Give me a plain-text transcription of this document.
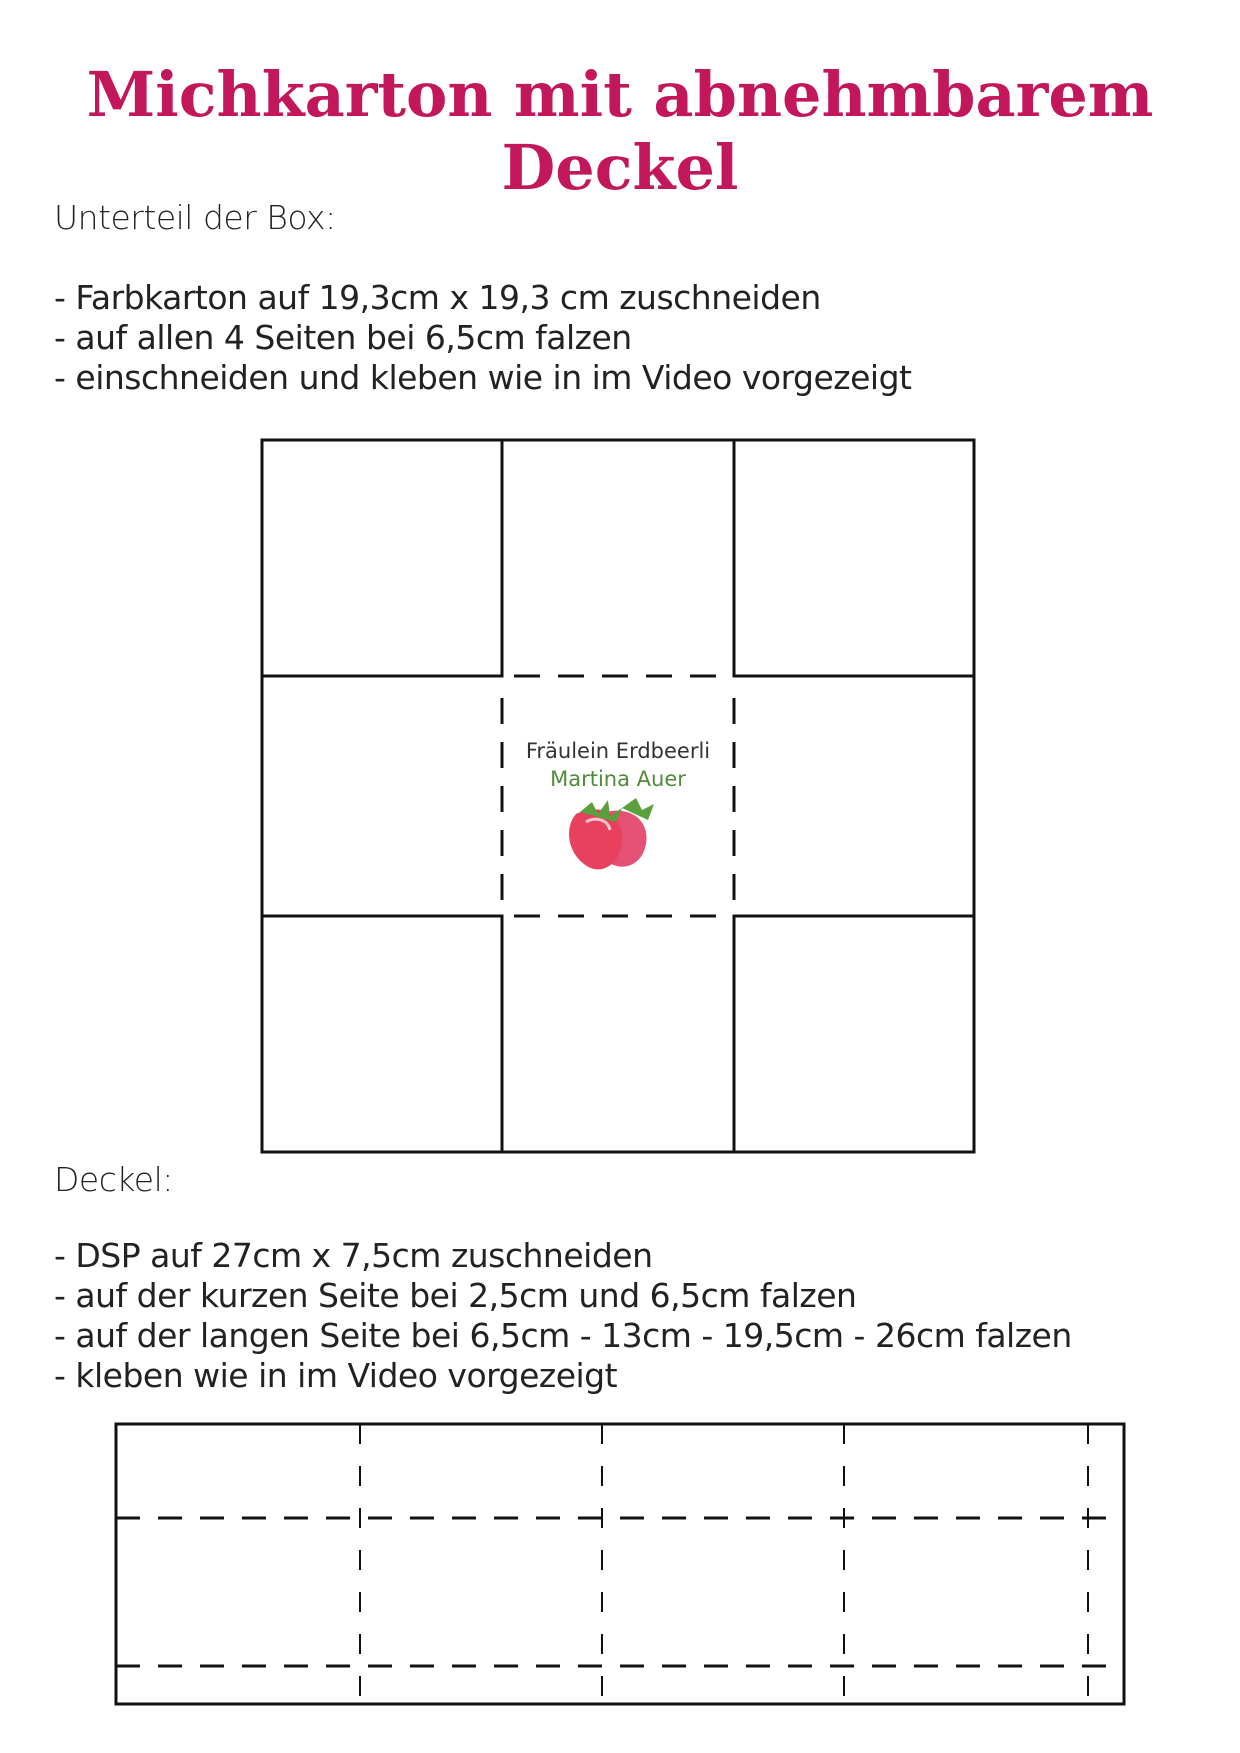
Michkarton mit abnehmbarem Deckel
Unterteil der Box:
- Farbkarton auf 19,3cm x 19,3 cm zuschneiden
- auf allen 4 Seiten bei 6,5cm falzen
- einschneiden und kleben wie in im Video vorgezeigt
Fräulein Erdbeerli
Martina Auer
Deckel:
- DSP auf 27cm x 7,5cm zuschneiden
- auf der kurzen Seite bei 2,5cm und 6,5cm falzen
- auf der langen Seite bei 6,5cm - 13cm - 19,5cm - 26cm falzen
- kleben wie in im Video vorgezeigt
